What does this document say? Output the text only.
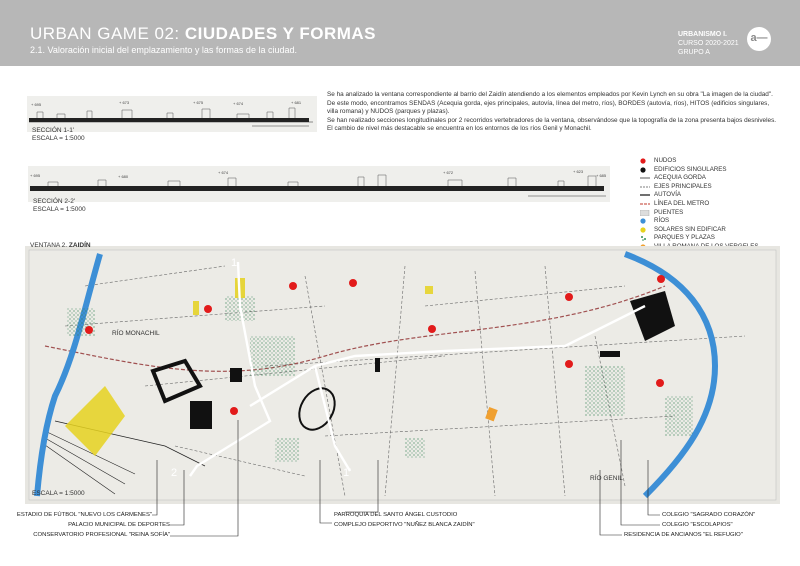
URBAN GAME 02: CIUDADES Y FORMAS
2.1. Valoración inicial del emplazamiento y las formas de la ciudad.
URBANISMO I.
CURSO 2020-2021
GRUPO A
a—
Se ha analizado la ventana correspondiente al barrio del Zaidín atendiendo a los elementos empleados por Kevin Lynch en su obra "La imagen de la ciudad". De este modo, encontramos SENDAS (Acequia gorda, ejes principales, autovía, línea del metro, ríos), BORDES (autovía, ríos), HITOS (edificios singulares, villa romana) y NUDOS (parques y plazas).
Se han realizado secciones longitudinales por 2 recorridos vertebradores de la ventana, observándose que la topografía de la zona presenta bajos desniveles. El cambio de nivel más destacable se encuentra en los entornos de los ríos Genil y Monachil.
+ 695	+ 673	+ 675	+ 674	+ 681
SECCIÓN 1-1'
ESCALA = 1:5000
+ 695	+ 680
+ 674	+ 672	+ 623
+ 685
SECCIÓN 2-2'
ESCALA = 1:5000
NUDOS
EDIFICIOS SINGULARES
ACEQUIA GORDA
EJES PRINCIPALES
AUTOVÍA
LÍNEA DEL METRO
PUENTES
RÍOS
SOLARES SIN EDIFICAR
PARQUES Y PLAZAS
1
2	1'
VENTANA 2. ZAIDÍN
RÍO MONACHIL
RÍO GENIL
ESCALA = 1:5000
ESTADIO DE FÚTBOL "NUEVO LOS CÁRMENES"
PALACIO MUNICIPAL DE DEPORTES
CONSERVATORIO PROFESIONAL "REINA SOFÍA"
PARROQUIA DEL SANTO ÁNGEL CUSTODIO
COMPLEJO DEPORTIVO "NUÑEZ BLANCA ZAIDÍN"
COLEGIO "SAGRADO CORAZÓN"
COLEGIO "ESCOLAPIOS"
RESIDENCIA DE ANCIANOS "EL REFUGIO"
